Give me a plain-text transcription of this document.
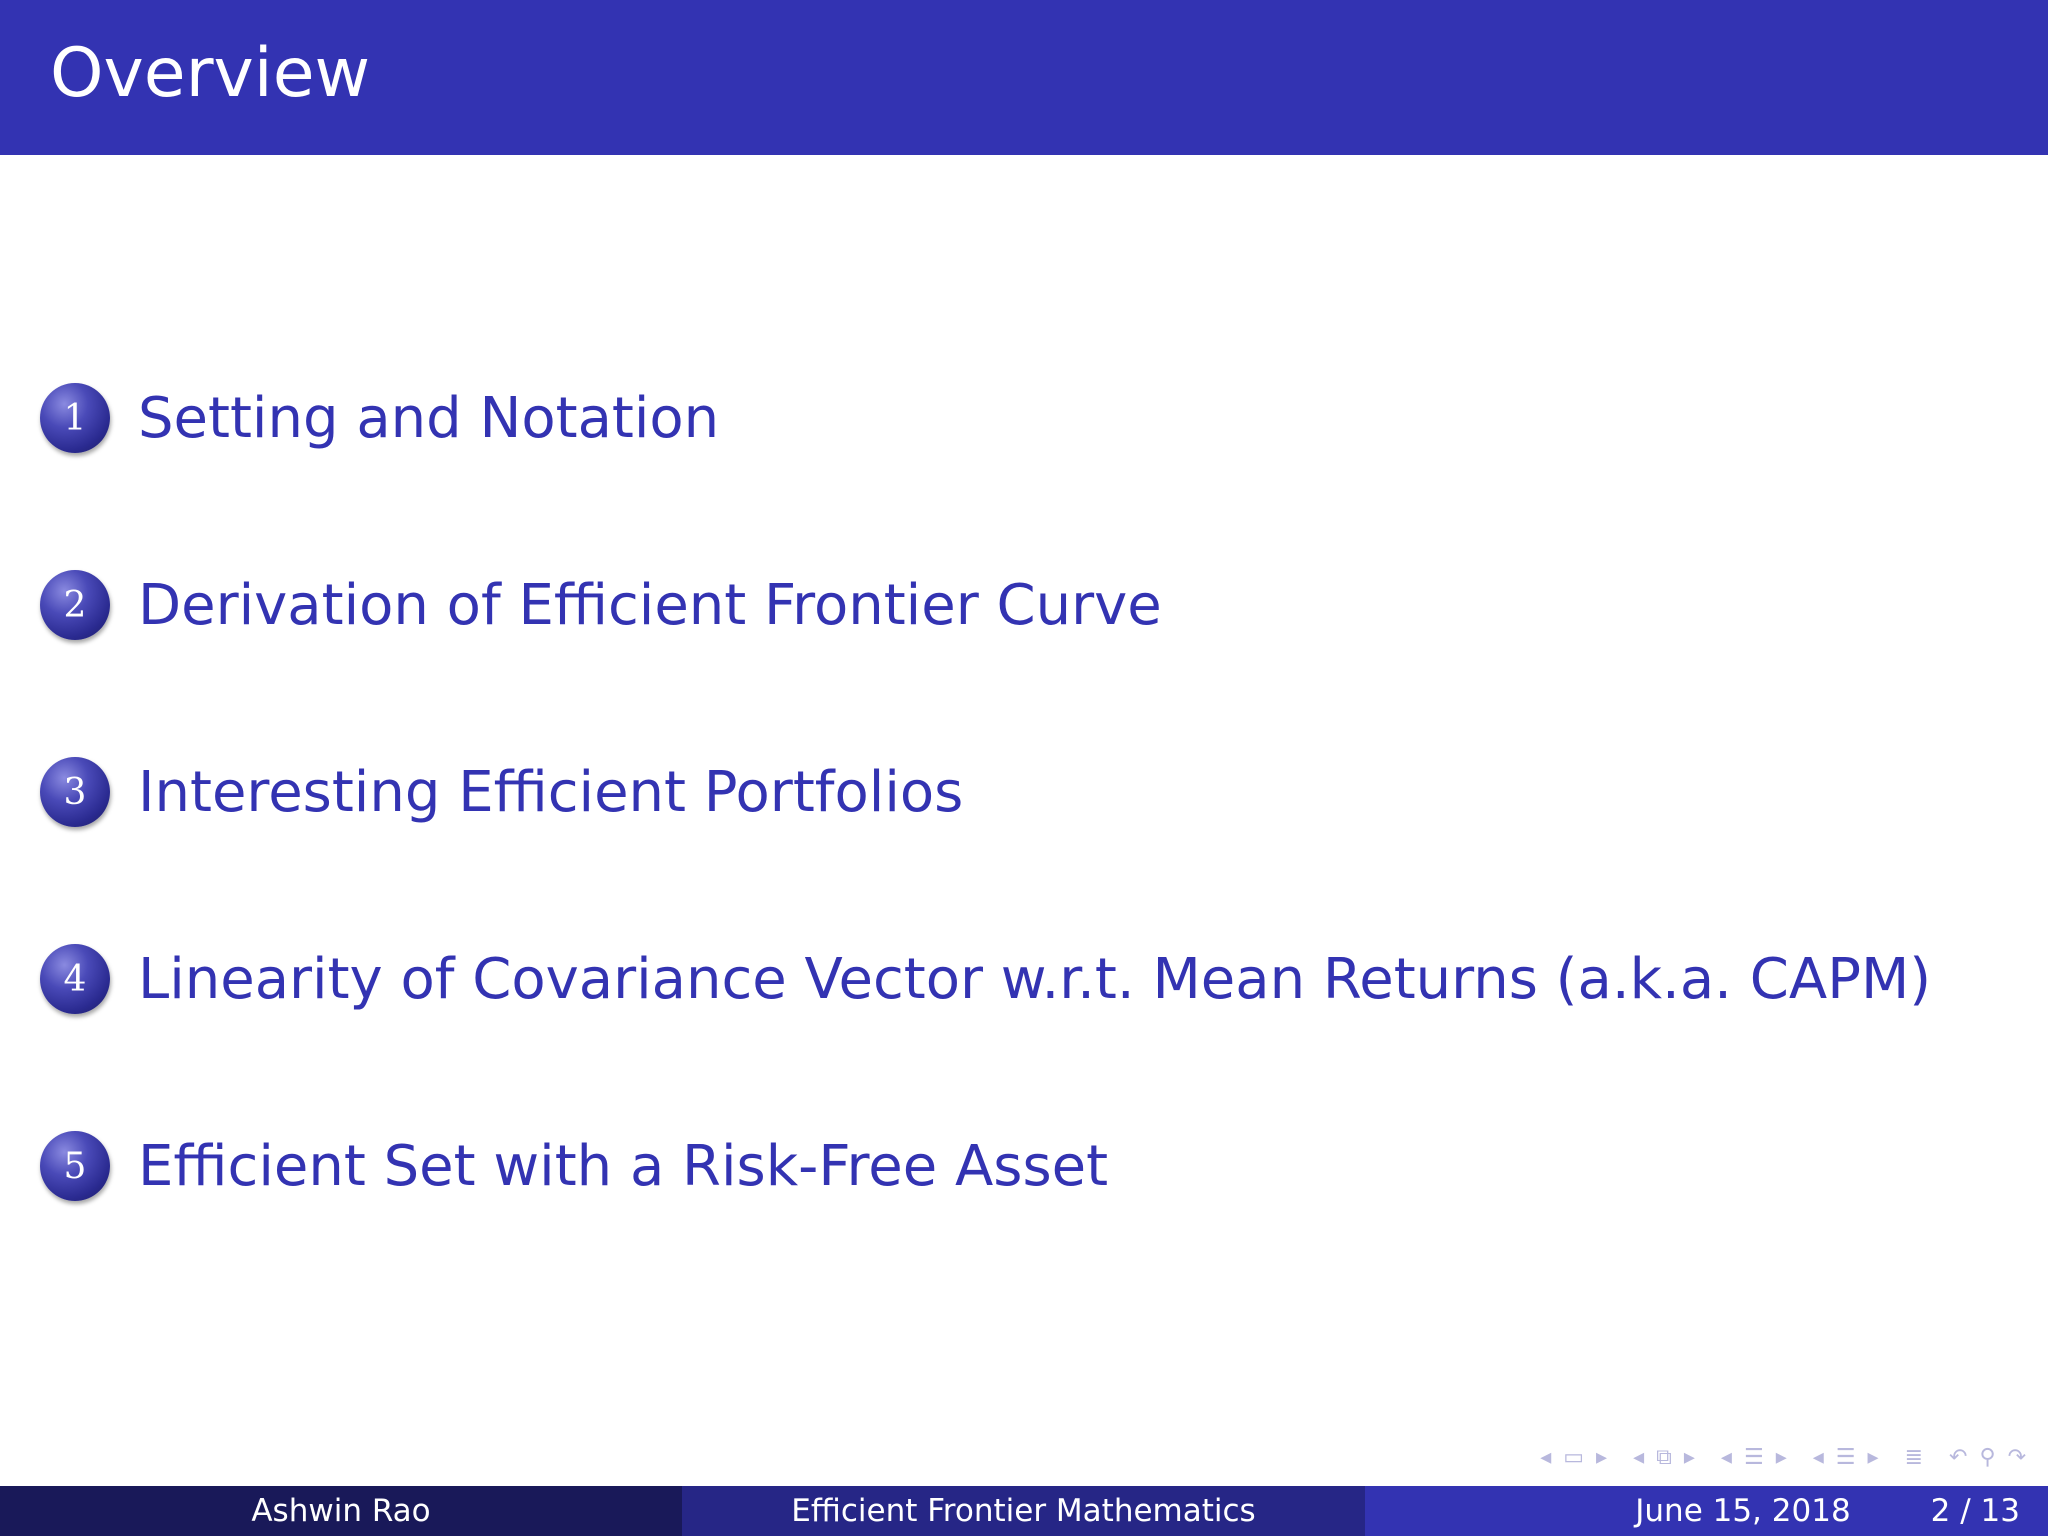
Overview
1 Setting and Notation
2 Derivation of Efficient Frontier Curve
3 Interesting Efficient Portfolios
4 Linearity of Covariance Vector w.r.t. Mean Returns (a.k.a. CAPM)
5 Efficient Set with a Risk-Free Asset
◂ ▭ ▸ ◂ ⧉ ▸ ◂ ☰ ▸ ◂ ☰ ▸ ≣ ↶ ⚲ ↷
Ashwin Rao	Efficient Frontier Mathematics	June 15, 2018	2 / 13
